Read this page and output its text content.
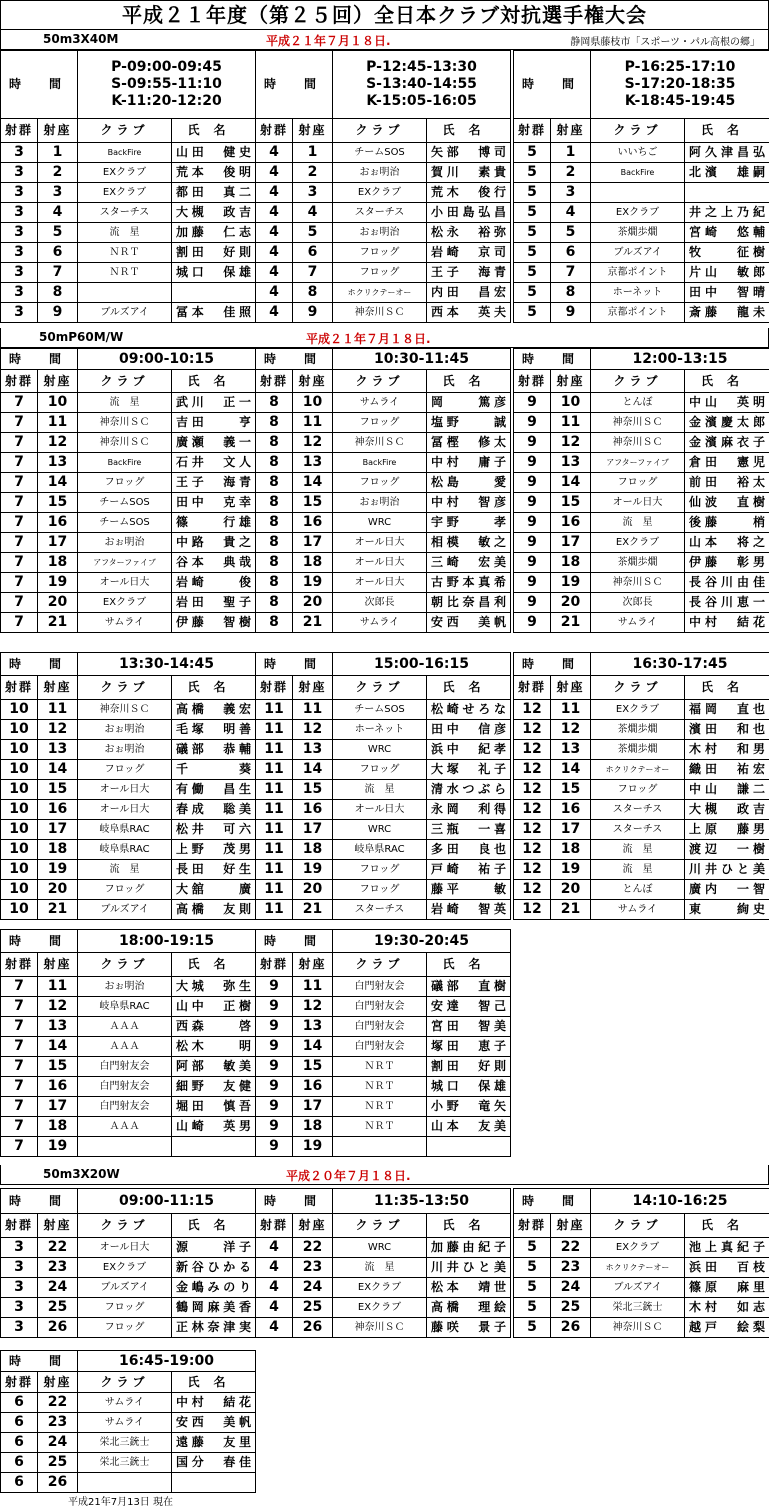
平成２１年度（第２５回）全日本クラブ対抗選手権大会
50m3X40M	平成２１年７月１８日.	静岡県藤枝市「スポーツ・パル高根の郷」
時　間		P-09:00-09:45
S-09:55-11:10
K-11:20-12:20	

射群	射座	クラブ	氏名
3	1	BackFire	山田　健史
3	2	EXクラブ	荒本　俊明
3	3	EXクラブ	都田　真二
3	4	スターチス	大槻　政吉
3	5	流　星	加藤　仁志
3	6	ＮＲＴ	割田　好則
3	7	ＮＲＴ	城口　保雄
3	8		
3	9	ブルズアイ	冨本　佳照
時　間		P-12:45-13:30
S-13:40-14:55
K-15:05-16:05	

射群	射座	クラブ	氏名
4	1	チームSOS	矢部　博司
4	2	おぉ明治	賀川　素貴
4	3	EXクラブ	荒木　俊行
4	4	スターチス	小田島弘昌
4	5	おぉ明治	松永　裕弥
4	6	フロッグ	岩崎　京司
4	7	フロッグ	王子　海青
4	8	ホクリクテーオー	内田　昌宏
4	9	神奈川ＳＣ	西本　英夫
時　間		P-16:25-17:10
S-17:20-18:35
K-18:45-19:45	

射群	射座	クラブ	氏名
5	1	いいちご	阿久津昌弘
5	2	BackFire	北濱　雄嗣
5	3		
5	4	EXクラブ	井之上乃紀
5	5	茶燗歩燗	宮崎　悠輔
5	6	ブルズアイ	牧　　征樹
5	7	京都ポイント	片山　敏郎
5	8	ホーネット	田中　智晴
5	9	京都ポイント	斎藤　龍未
50mP60M/W	平成２１年７月１８日.
時　間		09:00-10:15	
射群	射座	クラブ	氏名
7	10	流　星	武川　正一
7	11	神奈川ＳＣ	吉田　　亨
7	12	神奈川ＳＣ	廣瀬　義一
7	13	BackFire	石井　文人
7	14	フロッグ	王子　海青
7	15	チームSOS	田中　克幸
7	16	チームSOS	篠　　行雄
7	17	おぉ明治	中路　貴之
7	18	アフターファイブ	谷本　典哉
7	19	オール日大	岩崎　　俊
7	20	EXクラブ	岩田　聖子
7	21	サムライ	伊藤　智樹
時　間		10:30-11:45	
射群	射座	クラブ	氏名
8	10	サムライ	岡　　篤彦
8	11	フロッグ	塩野　　誠
8	12	神奈川ＳＣ	冨樫　修太
8	13	BackFire	中村　庸子
8	14	フロッグ	松島　　愛
8	15	おぉ明治	中村　智彦
8	16	WRC	宇野　　孝
8	17	オール日大	相模　敏之
8	18	オール日大	三崎　宏美
8	19	オール日大	古野本真希
8	20	次郎長	朝比奈昌利
8	21	サムライ	安西　美帆
時　間		12:00-13:15	
射群	射座	クラブ	氏名
9	10	とんぼ	中山　英明
9	11	神奈川ＳＣ	金濱慶太郎
9	12	神奈川ＳＣ	金濱麻衣子
9	13	アフターファイブ	倉田　憲児
9	14	フロッグ	前田　裕太
9	15	オール日大	仙波　直樹
9	16	流　星	後藤　　梢
9	17	EXクラブ	山本　将之
9	18	茶燗歩燗	伊藤　彰男
9	19	神奈川ＳＣ	長谷川由佳
9	20	次郎長	長谷川恵一
9	21	サムライ	中村　結花
時　間		13:30-14:45	
射群	射座	クラブ	氏名
10	11	神奈川ＳＣ	高橋　義宏
10	12	おぉ明治	毛塚　明善
10	13	おぉ明治	礒部　恭輔
10	14	フロッグ	千　　葵
10	15	オール日大	有働　昌生
10	16	オール日大	春成　聡美
10	17	岐阜県RAC	松井　可六
10	18	岐阜県RAC	上野　茂男
10	19	流　星	長田　好生
10	20	フロッグ	大舘　　廣
10	21	ブルズアイ	高橋　友則
時　間		15:00-16:15	
射群	射座	クラブ	氏名
11	11	チームSOS	松崎せろな
11	12	ホーネット	田中　信彦
11	13	WRC	浜中　紀孝
11	14	フロッグ	大塚　礼子
11	15	流　星	清水つぶら
11	16	オール日大	永岡　利得
11	17	WRC	三瓶　一喜
11	18	岐阜県RAC	多田　良也
11	19	フロッグ	戸崎　祐子
11	20	フロッグ	藤平　　敏
11	21	スターチス	岩崎　智英
時　間		16:30-17:45	
射群	射座	クラブ	氏名
12	11	EXクラブ	福岡　直也
12	12	茶燗歩燗	濱田　和也
12	13	茶燗歩燗	木村　和男
12	14	ホクリクテーオー	織田　祐宏
12	15	フロッグ	中山　謙二
12	16	スターチス	大槻　政吉
12	17	スターチス	上原　藤男
12	18	流　星	渡辺　一樹
12	19	流　星	川井ひと美
12	20	とんぼ	廣内　一智
12	21	サムライ	東　　絢史
時　間		18:00-19:15	
射群	射座	クラブ	氏名
7	11	おぉ明治	大城　弥生
7	12	岐阜県RAC	山中　正樹
7	13	ＡＡＡ	西森　　啓
7	14	ＡＡＡ	松木　　明
7	15	白門射友会	阿部　敏美
7	16	白門射友会	細野　友健
7	17	白門射友会	堀田　慎吾
7	18	ＡＡＡ	山崎　英男
7	19		
時　間		19:30-20:45	
射群	射座	クラブ	氏名
9	11	白門射友会	礒部　直樹
9	12	白門射友会	安達　智己
9	13	白門射友会	宮田　智美
9	14	白門射友会	塚田　恵子
9	15	ＮＲＴ	割田　好則
9	16	ＮＲＴ	城口　保雄
9	17	ＮＲＴ	小野　竜矢
9	18	ＮＲＴ	山本　友美
9	19		
50m3X20W	平成２０年７月１８日.
時　間		09:00-11:15	
射群	射座	クラブ	氏名
3	22	オール日大	源　　洋子
3	23	EXクラブ	新谷ひかる
3	24	ブルズアイ	金嶋みのり
3	25	フロッグ	鶴岡麻美香
3	26	フロッグ	正林奈津実
時　間		11:35-13:50	
射群	射座	クラブ	氏名
4	22	WRC	加藤由紀子
4	23	流　星	川井ひと美
4	24	EXクラブ	松本　靖世
4	25	EXクラブ	高橋　理絵
4	26	神奈川ＳＣ	藤咲　景子
時　間		14:10-16:25	
射群	射座	クラブ	氏名
5	22	EXクラブ	池上真紀子
5	23	ホクリクテーオー	浜田　百枝
5	24	ブルズアイ	篠原　麻里
5	25	栄北三銃士	木村　如志
5	26	神奈川ＳＣ	越戸　絵梨
時　間		16:45-19:00	
射群	射座	クラブ	氏名
6	22	サムライ	中村　結花
6	23	サムライ	安西　美帆
6	24	栄北三銃士	遠藤　友里
6	25	栄北三銃士	国分　春佳
6	26		
平成21年7月13日 現在
